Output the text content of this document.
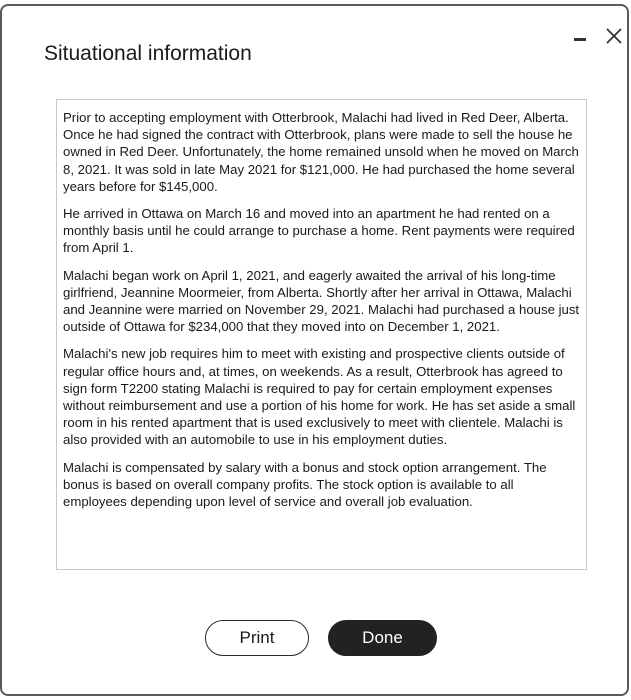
Situational information

Prior to accepting employment with Otterbrook, Malachi had lived in Red Deer, Alberta. Once he had signed the contract with Otterbrook, plans were made to sell the house he owned in Red Deer. Unfortunately, the home remained unsold when he moved on March 8, 2021. It was sold in late May 2021 for $121,000. He had purchased the home several years before for $145,000.

He arrived in Ottawa on March 16 and moved into an apartment he had rented on a monthly basis until he could arrange to purchase a home. Rent payments were required from April 1.

Malachi began work on April 1, 2021, and eagerly awaited the arrival of his long-time girlfriend, Jeannine Moormeier, from Alberta. Shortly after her arrival in Ottawa, Malachi and Jeannine were married on November 29, 2021. Malachi had purchased a house just outside of Ottawa for $234,000 that they moved into on December 1, 2021.

Malachi's new job requires him to meet with existing and prospective clients outside of regular office hours and, at times, on weekends. As a result, Otterbrook has agreed to sign form T2200 stating Malachi is required to pay for certain employment expenses without reimbursement and use a portion of his home for work. He has set aside a small room in his rented apartment that is used exclusively to meet with clientele. Malachi is also provided with an automobile to use in his employment duties.

Malachi is compensated by salary with a bonus and stock option arrangement. The bonus is based on overall company profits. The stock option is available to all employees depending upon level of service and overall job evaluation.

Print	Done
